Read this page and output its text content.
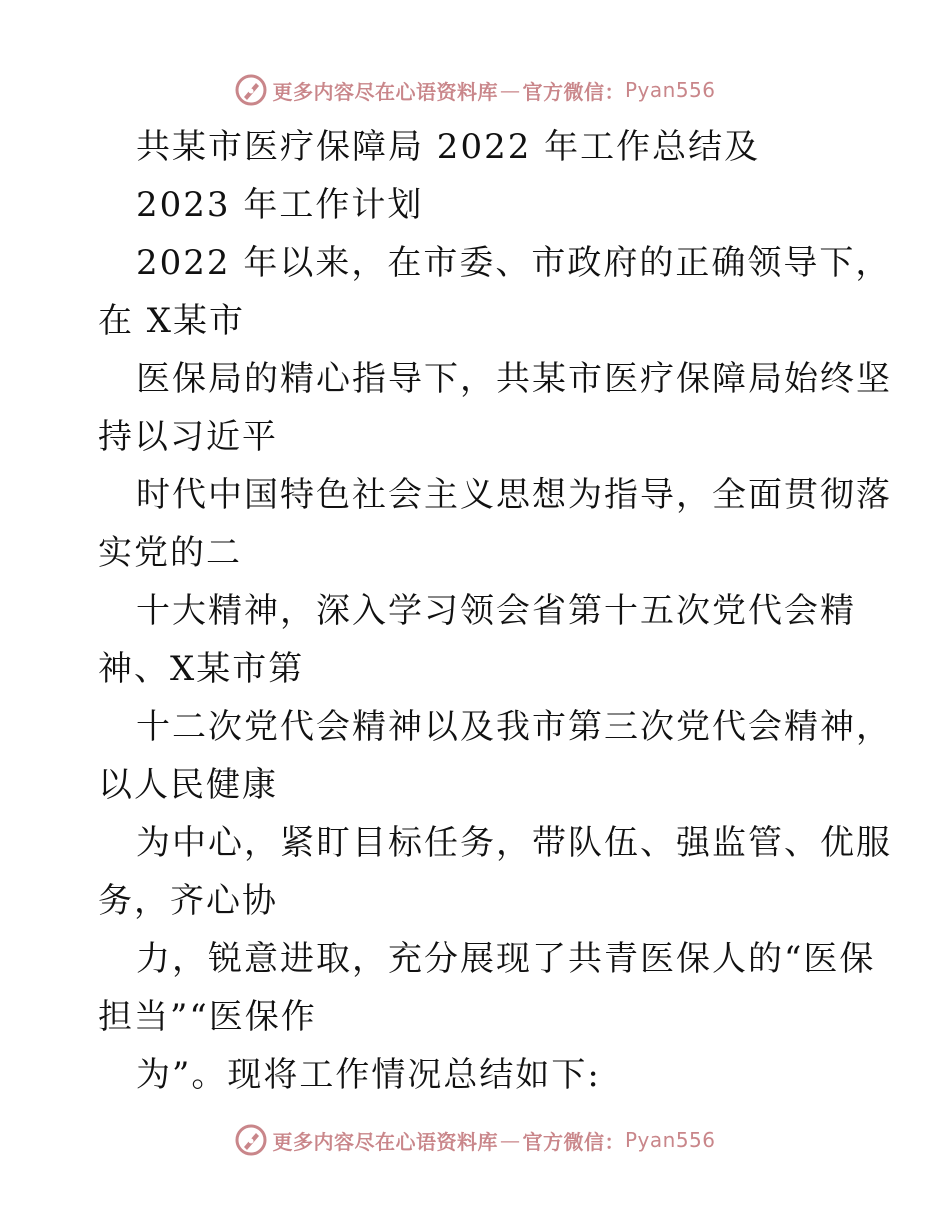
更多内容尽在心语资料库 — 官方微信： Pyan556
共某市医疗保障局 2022 年工作总结及
2023 年工作计划
2022 年以来，在市委、市政府的正确领导下，
在 X某市
医保局的精心指导下，共某市医疗保障局始终坚
持以习近平
时代中国特色社会主义思想为指导，全面贯彻落
实党的二
十大精神，深入学习领会省第十五次党代会精
神、X某市第
十二次党代会精神以及我市第三次党代会精神，
以人民健康
为中心，紧盯目标任务，带队伍、强监管、优服
务，齐心协
力，锐意进取，充分展现了共青医保人的“医保
担当”“医保作
为”。现将工作情况总结如下:
更多内容尽在心语资料库 — 官方微信： Pyan556
